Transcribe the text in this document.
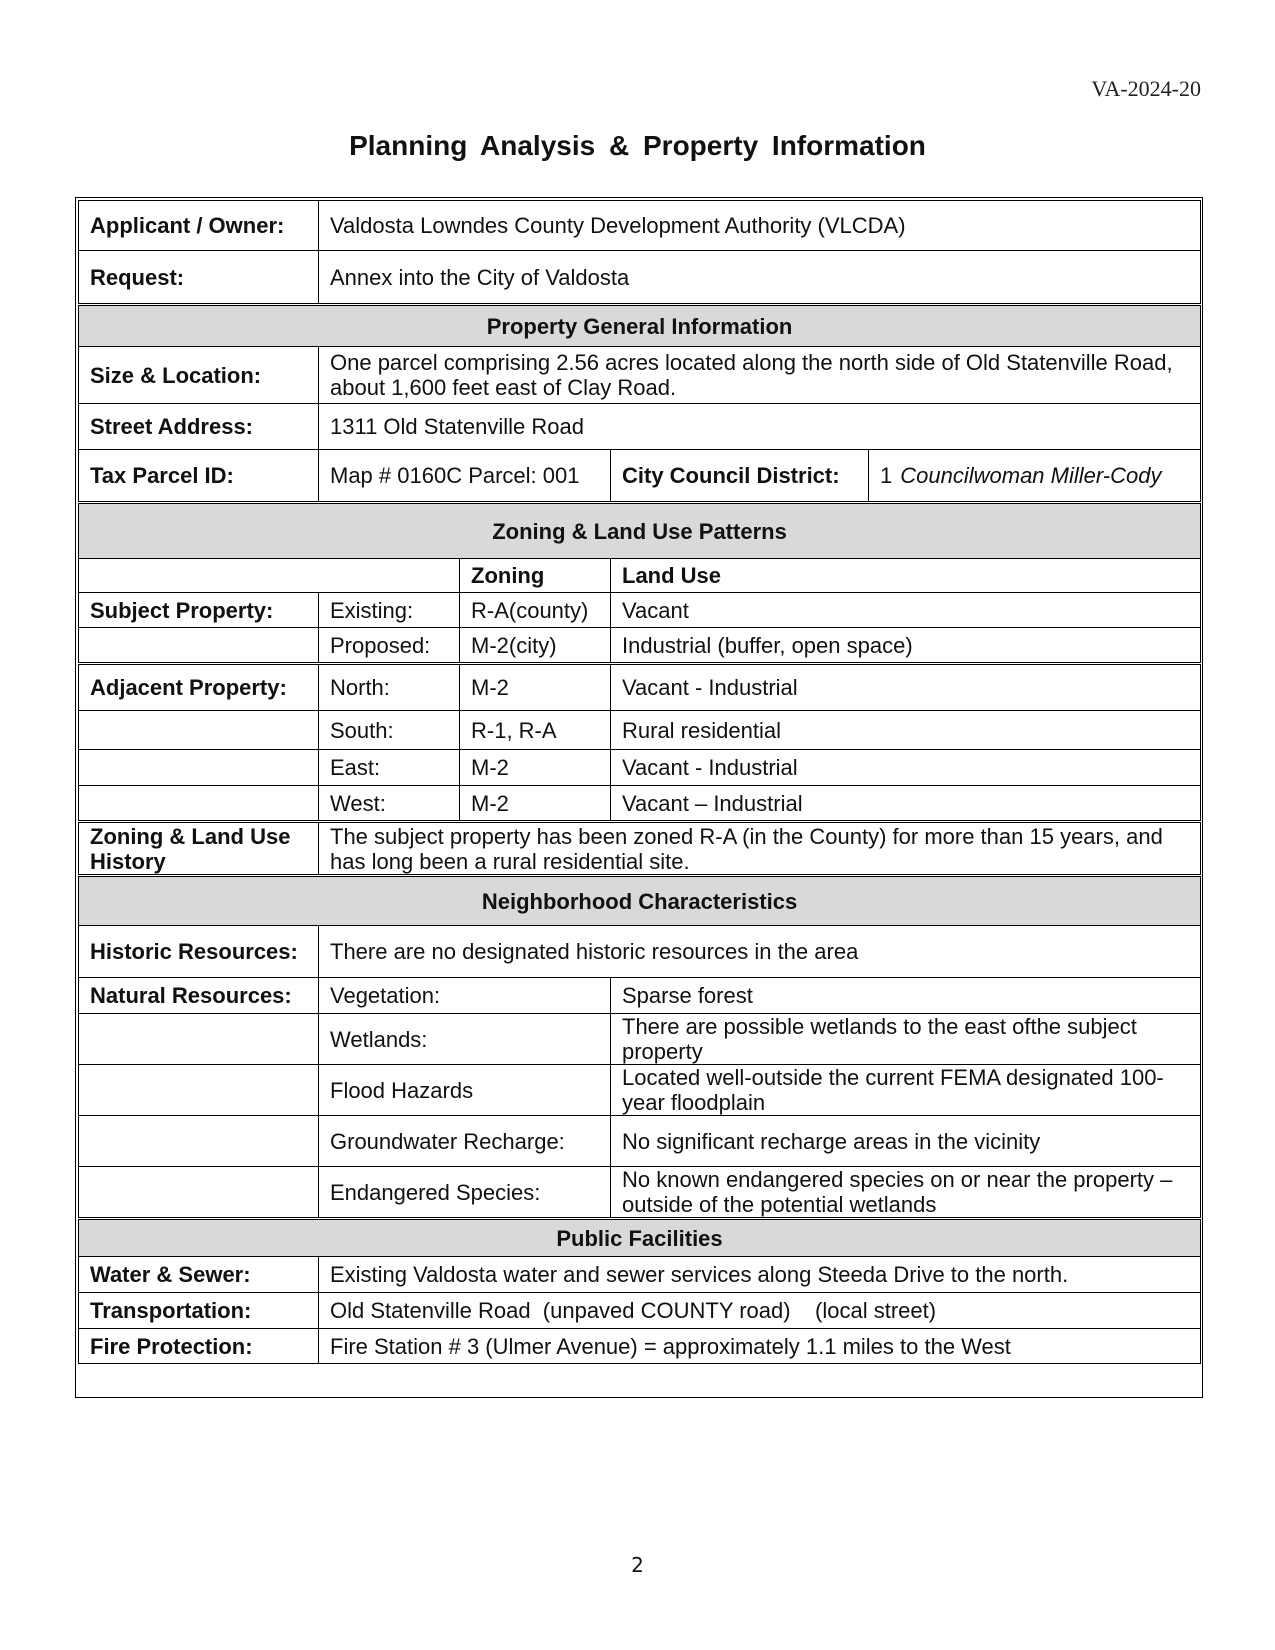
VA-2024-20
Planning Analysis & Property Information
Applicant / Owner:	Valdosta Lowndes County Development Authority (VLCDA)			
Request:	Annex into the City of Valdosta			
Property General Information				
Size & Location:	One parcel comprising 2.56 acres located along the north side of Old Statenville Road, about 1,600 feet east of Clay Road.			
Street Address:	1311 Old Statenville Road			
Tax Parcel ID:	Map # 0160C Parcel: 001		City Council District:	1 Councilwoman Miller-Cody
Zoning & Land Use Patterns				
		Zoning	Land Use	
Subject Property:	Existing:	R-A(county)	Vacant	
	Proposed:	M-2(city)	Industrial (buffer, open space)	
Adjacent Property:	North:	M-2	Vacant - Industrial	
	South:	R-1, R-A	Rural residential	
	East:	M-2	Vacant - Industrial	
	West:	M-2	Vacant – Industrial	
Zoning & Land Use History	The subject property has been zoned R-A (in the County) for more than 15 years, and has long been a rural residential site.			
Neighborhood Characteristics				
Historic Resources:	There are no designated historic resources in the area			
Natural Resources:	Vegetation:		Sparse forest	
	Wetlands:		There are possible wetlands to the east ofthe subject property	
	Flood Hazards		Located well-outside the current FEMA designated 100-year floodplain	
	Groundwater Recharge:		No significant recharge areas in the vicinity	
	Endangered Species:		No known endangered species on or near the property – outside of the potential wetlands	
Public Facilities				
Water & Sewer:	Existing Valdosta water and sewer services along Steeda Drive to the north.			
Transportation:	Old Statenville Road  (unpaved COUNTY road)    (local street)			
Fire Protection:	Fire Station # 3 (Ulmer Avenue) = approximately 1.1 miles to the West			
2
